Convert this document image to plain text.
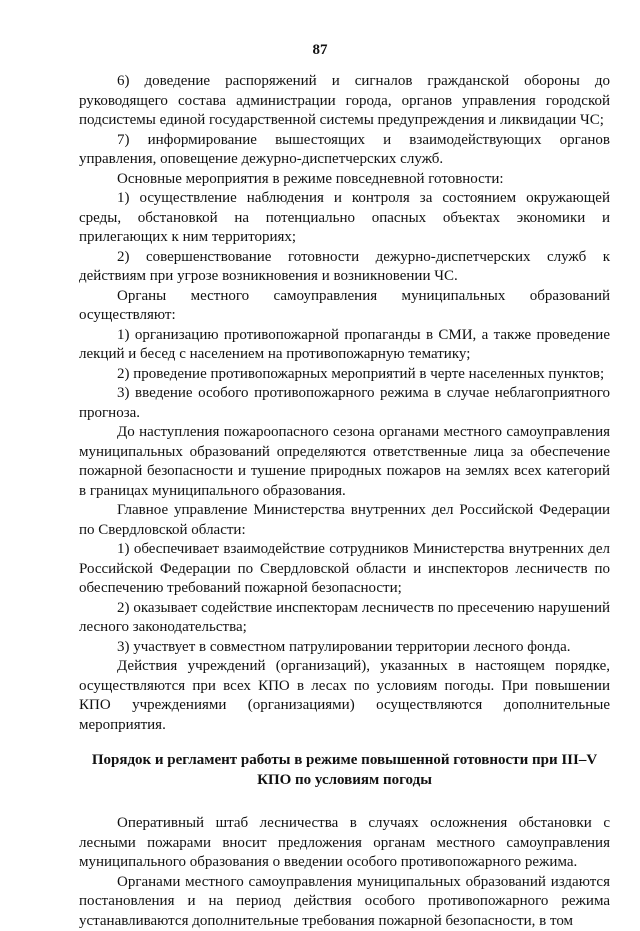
87

6) доведение распоряжений и сигналов гражданской обороны до руководящего состава администрации города, органов управления городской подсистемы единой государственной системы предупреждения и ликвидации ЧС;

7) информирование вышестоящих и взаимодействующих органов управления, оповещение дежурно-диспетчерских служб.

Основные мероприятия в режиме повседневной готовности:

1) осуществление наблюдения и контроля за состоянием окружающей среды, обстановкой на потенциально опасных объектах экономики и прилегающих к ним территориях;

2) совершенствование готовности дежурно-диспетчерских служб к действиям при угрозе возникновения и возникновении ЧС.

Органы местного самоуправления муниципальных образований осуществляют:

1) организацию противопожарной пропаганды в СМИ, а также проведение лекций и бесед с населением на противопожарную тематику;

2) проведение противопожарных мероприятий в черте населенных пунктов;

3) введение особого противопожарного режима в случае неблагоприятного прогноза.

До наступления пожароопасного сезона органами местного самоуправления муниципальных образований определяются ответственные лица за обеспечение пожарной безопасности и тушение природных пожаров на землях всех категорий в границах муниципального образования.

Главное управление Министерства внутренних дел Российской Федерации по Свердловской области:

1) обеспечивает взаимодействие сотрудников Министерства внутренних дел Российской Федерации по Свердловской области и инспекторов лесничеств по обеспечению требований пожарной безопасности;

2) оказывает содействие инспекторам лесничеств по пресечению нарушений лесного законодательства;

3) участвует в совместном патрулировании территории лесного фонда.

Действия учреждений (организаций), указанных в настоящем порядке, осуществляются при всех КПО в лесах по условиям погоды. При повышении КПО учреждениями (организациями) осуществляются дополнительные мероприятия.

Порядок и регламент работы в режиме повышенной готовности при III–V КПО по условиям погоды

Оперативный штаб лесничества в случаях осложнения обстановки с лесными пожарами вносит предложения органам местного самоуправления муниципального образования о введении особого противопожарного режима.

Органами местного самоуправления муниципальных образований издаются постановления и на период действия особого противопожарного режима устанавливаются дополнительные требования пожарной безопасности, в том
